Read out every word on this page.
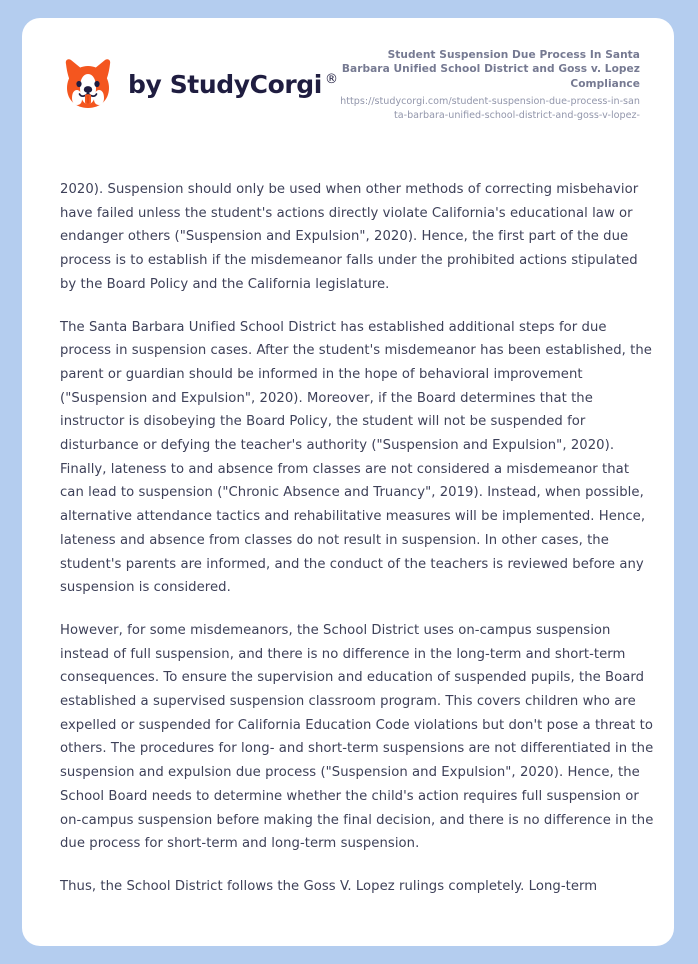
by StudyCorgi ®

Student Suspension Due Process In Santa Barbara Unified School District and Goss v. Lopez Compliance

https://studycorgi.com/student-suspension-due-process-in-santa-barbara-unified-school-district-and-goss-v-lopez-

2020). Suspension should only be used when other methods of correcting misbehavior have failed unless the student's actions directly violate California's educational law or endanger others ("Suspension and Expulsion", 2020). Hence, the first part of the due process is to establish if the misdemeanor falls under the prohibited actions stipulated by the Board Policy and the California legislature.

The Santa Barbara Unified School District has established additional steps for due process in suspension cases. After the student's misdemeanor has been established, the parent or guardian should be informed in the hope of behavioral improvement ("Suspension and Expulsion", 2020). Moreover, if the Board determines that the instructor is disobeying the Board Policy, the student will not be suspended for disturbance or defying the teacher's authority ("Suspension and Expulsion", 2020). Finally, lateness to and absence from classes are not considered a misdemeanor that can lead to suspension ("Chronic Absence and Truancy", 2019). Instead, when possible, alternative attendance tactics and rehabilitative measures will be implemented. Hence, lateness and absence from classes do not result in suspension. In other cases, the student's parents are informed, and the conduct of the teachers is reviewed before any suspension is considered.

However, for some misdemeanors, the School District uses on-campus suspension instead of full suspension, and there is no difference in the long-term and short-term consequences. To ensure the supervision and education of suspended pupils, the Board established a supervised suspension classroom program. This covers children who are expelled or suspended for California Education Code violations but don't pose a threat to others. The procedures for long- and short-term suspensions are not differentiated in the suspension and expulsion due process ("Suspension and Expulsion", 2020). Hence, the School Board needs to determine whether the child's action requires full suspension or on-campus suspension before making the final decision, and there is no difference in the due process for short-term and long-term suspension.

Thus, the School District follows the Goss V. Lopez rulings completely. Long-term
